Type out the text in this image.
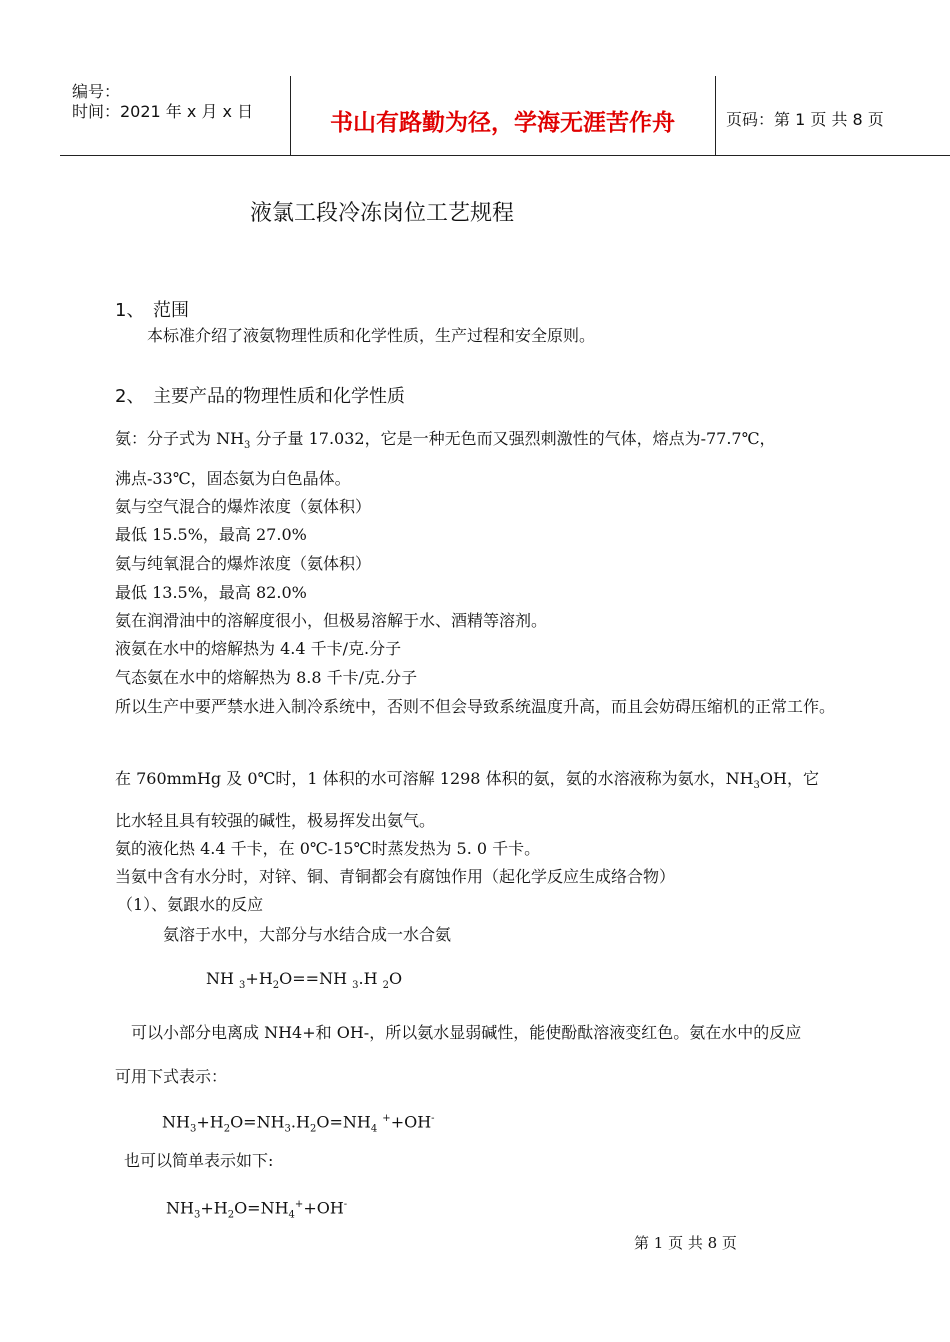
编号：
时间：2021 年 x 月 x 日	书山有路勤为径，学海无涯苦作舟	页码：第 1 页 共 8 页
液氯工段冷冻岗位工艺规程
1、 范围
本标准介绍了液氨物理性质和化学性质，生产过程和安全原则。
2、 主要产品的物理性质和化学性质
氨：分子式为 $NH_3$ 分子量 17.032，它是一种无色而又强烈刺激性的气体，熔点为-77.7℃，
沸点-33℃，固态氨为白色晶体。
氨与空气混合的爆炸浓度（氨体积）
最低 15.5%，最高 27.0%
氨与纯氧混合的爆炸浓度（氨体积）
最低 13.5%，最高 82.0%
氨在润滑油中的溶解度很小，但极易溶解于水、酒精等溶剂。
液氨在水中的熔解热为 4.4 千卡/克.分子
气态氨在水中的熔解热为 8.8 千卡/克.分子
所以生产中要严禁水进入制冷系统中，否则不但会导致系统温度升高，而且会妨碍压缩机的正常工作。
在 760mmHg 及 0℃时，1 体积的水可溶解 1298 体积的氨，氨的水溶液称为氨水，$NH_3OH$，它
比水轻且具有较强的碱性，极易挥发出氨气。
氨的液化热 4.4 千卡，在 0℃-15℃时蒸发热为 5. 0 千卡。
当氨中含有水分时，对锌、铜、青铜都会有腐蚀作用（起化学反应生成络合物）
（1）、氨跟水的反应
氨溶于水中，大部分与水结合成一水合氨
NH $_3+H_2O==NH$ $_3$.H $_2$O
可以小部分电离成 NH4+和 OH-，所以氨水显弱碱性，能使酚酞溶液变红色。氨在水中的反应
可用下式表示：
$NH_3+H_2O=NH_3.H_2O=NH_4$ ++OH-
也可以简单表示如下:
$NH_3+H_2O=NH_4^++OH^-$
第 1 页 共 8 页
